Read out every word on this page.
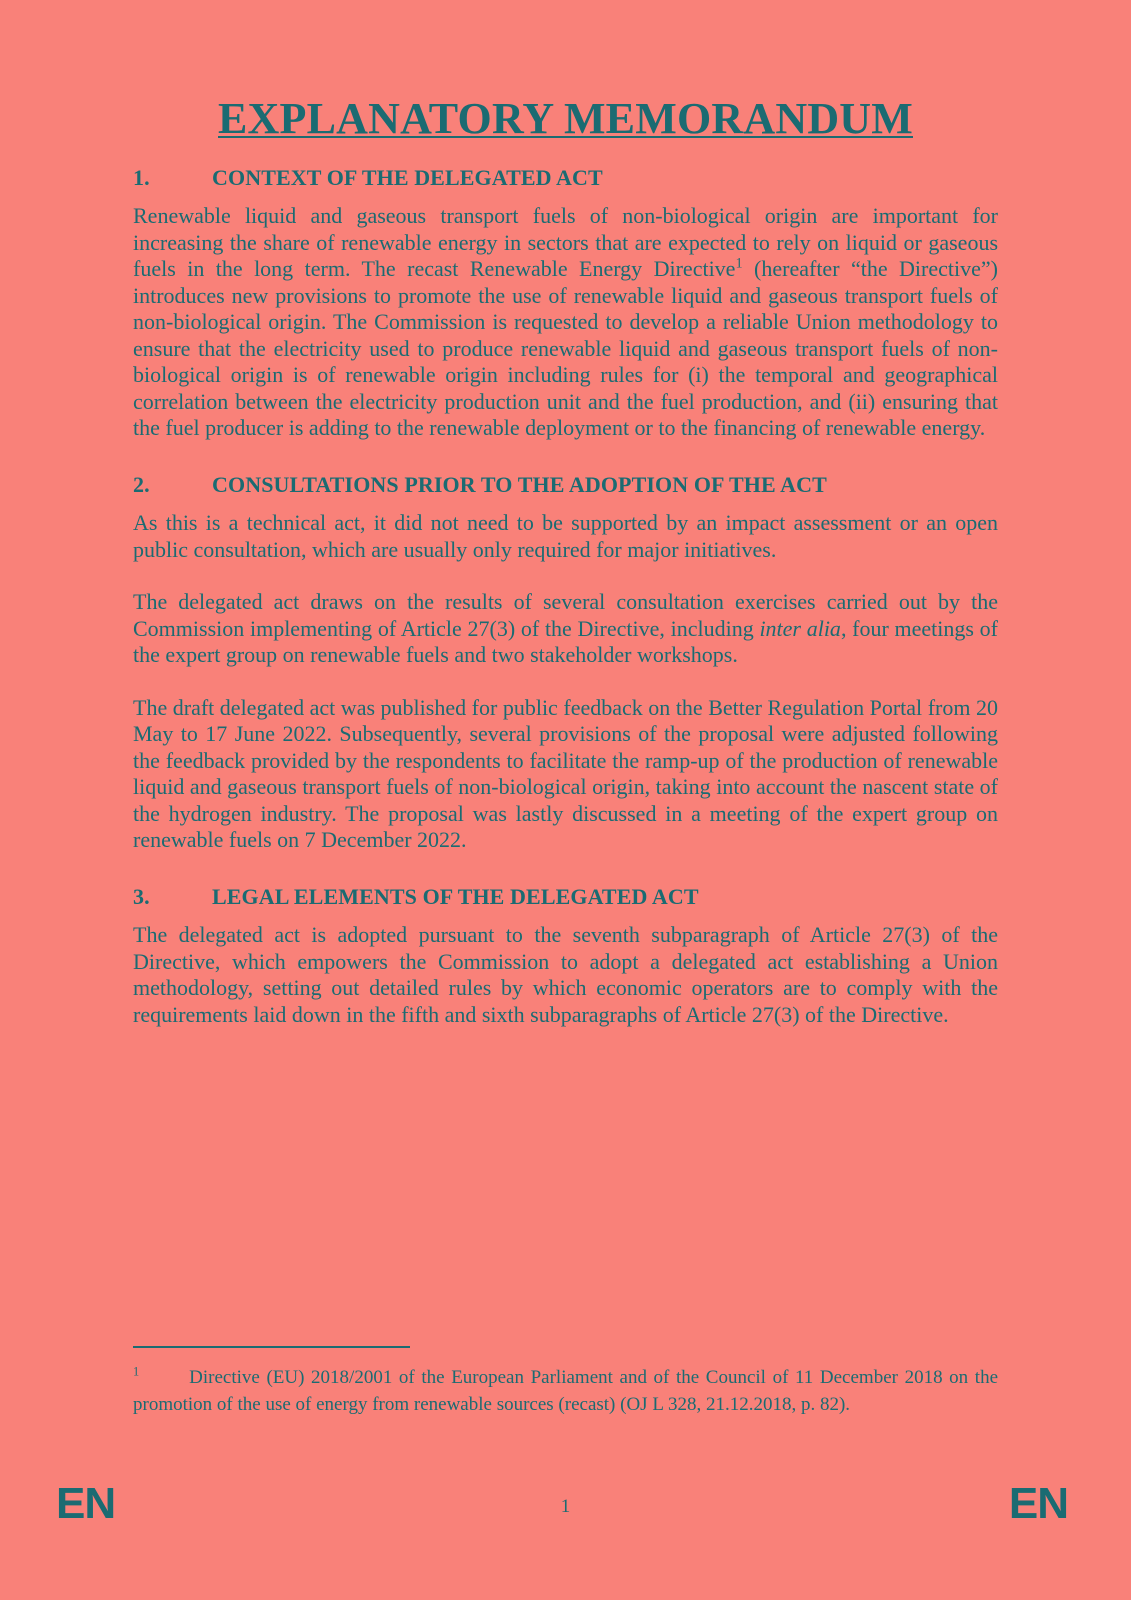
EXPLANATORY MEMORANDUM
1.	CONTEXT OF THE DELEGATED ACT

Renewable liquid and gaseous transport fuels of non-biological origin are important for increasing the share of renewable energy in sectors that are expected to rely on liquid or gaseous fuels in the long term. The recast Renewable Energy Directive$^1$ (hereafter “the Directive”) introduces new provisions to promote the use of renewable liquid and gaseous transport fuels of non-biological origin. The Commission is requested to develop a reliable Union methodology to ensure that the electricity used to produce renewable liquid and gaseous transport fuels of non-biological origin is of renewable origin including rules for (i) the temporal and geographical correlation between the electricity production unit and the fuel production, and (ii) ensuring that the fuel producer is adding to the renewable deployment or to the financing of renewable energy.

2.	CONSULTATIONS PRIOR TO THE ADOPTION OF THE ACT

As this is a technical act, it did not need to be supported by an impact assessment or an open public consultation, which are usually only required for major initiatives.

The delegated act draws on the results of several consultation exercises carried out by the Commission implementing of Article 27(3) of the Directive, including inter alia, four meetings of the expert group on renewable fuels and two stakeholder workshops.

The draft delegated act was published for public feedback on the Better Regulation Portal from 20 May to 17 June 2022. Subsequently, several provisions of the proposal were adjusted following the feedback provided by the respondents to facilitate the ramp-up of the production of renewable liquid and gaseous transport fuels of non-biological origin, taking into account the nascent state of the hydrogen industry. The proposal was lastly discussed in a meeting of the expert group on renewable fuels on 7 December 2022.

3.	LEGAL ELEMENTS OF THE DELEGATED ACT

The delegated act is adopted pursuant to the seventh subparagraph of Article 27(3) of the Directive, which empowers the Commission to adopt a delegated act establishing a Union methodology, setting out detailed rules by which economic operators are to comply with the requirements laid down in the fifth and sixth subparagraphs of Article 27(3) of the Directive.

$^1$	Directive (EU) 2018/2001 of the European Parliament and of the Council of 11 December 2018 on the promotion of the use of energy from renewable sources (recast) (OJ L 328, 21.12.2018, p. 82).
EN	1	EN
